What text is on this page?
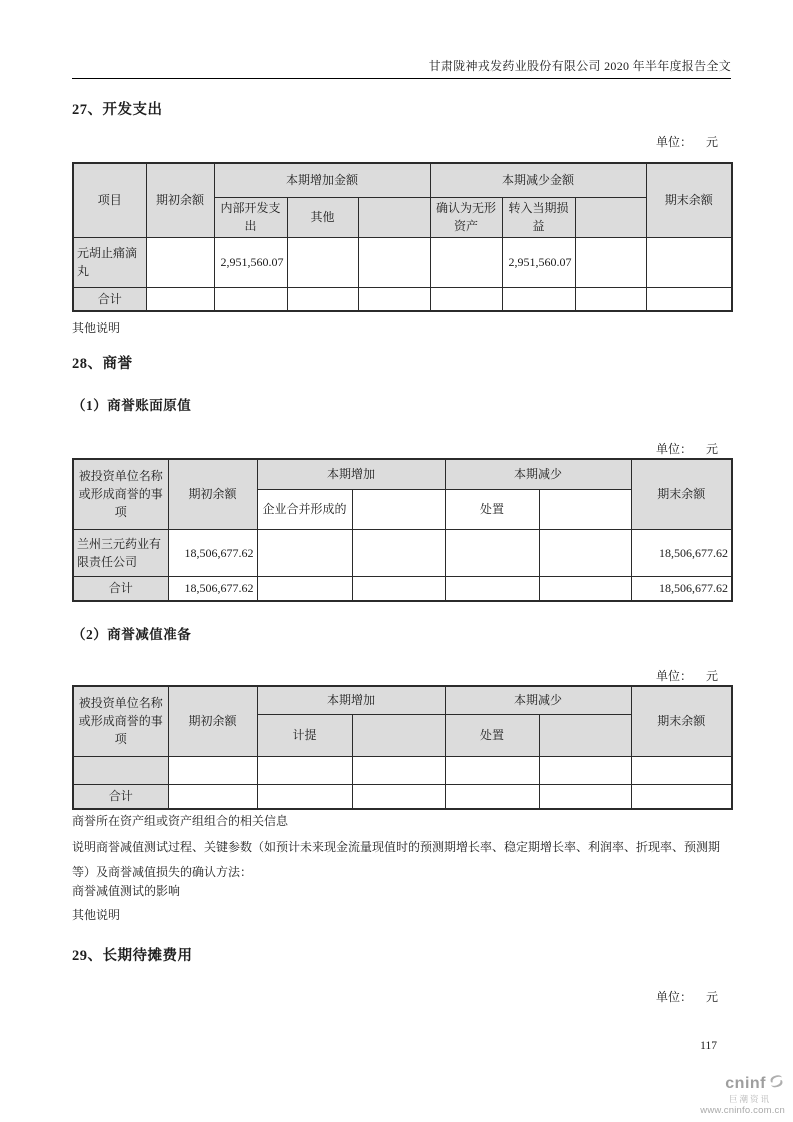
甘肃陇神戎发药业股份有限公司 2020 年半年度报告全文
27、开发支出
单位： 元
项目	期初余额	本期增加金额			本期减少金额			期末余额
		内部开发支出	其他		确认为无形资产	转入当期损益		
元胡止痛滴丸		2,951,560.07				2,951,560.07		
合计								
其他说明
28、商誉
（1）商誉账面原值
单位： 元
被投资单位名称或形成商誉的事项	期初余额	本期增加		本期减少		期末余额
		企业合并形成的		处置		
兰州三元药业有限责任公司	18,506,677.62					18,506,677.62
合计	18,506,677.62					18,506,677.62
（2）商誉减值准备
单位： 元
被投资单位名称或形成商誉的事项	期初余额	本期增加		本期减少		期末余额
		计提		处置		

合计						
商誉所在资产组或资产组组合的相关信息
说明商誉减值测试过程、关键参数（如预计未来现金流量现值时的预测期增长率、稳定期增长率、利润率、折现率、预测期等）及商誉减值损失的确认方法：
商誉减值测试的影响
其他说明
29、长期待摊费用
单位： 元
117
cninf
巨潮资讯
www.cninfo.com.cn
